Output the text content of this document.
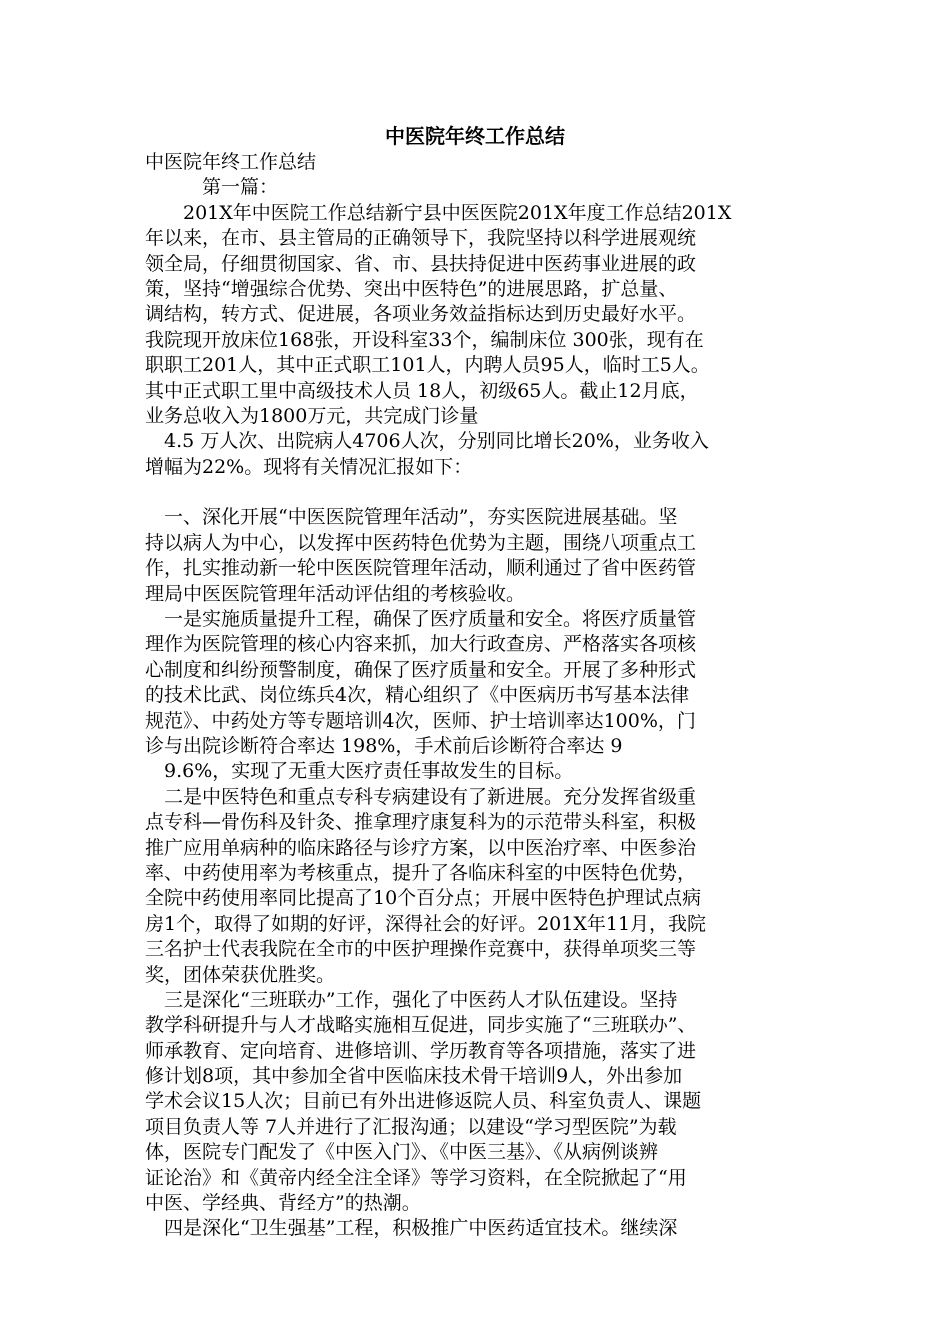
中医院年终工作总结
中医院年终工作总结
　　　第一篇：
　　201X年中医院工作总结新宁县中医医院201X年度工作总结201X
年以来，在市、县主管局的正确领导下，我院坚持以科学进展观统
领全局，仔细贯彻国家、省、市、县扶持促进中医药事业进展的政
策，坚持“增强综合优势、突出中医特色”的进展思路，扩总量、
调结构，转方式、促进展，各项业务效益指标达到历史最好水平。
我院现开放床位168张，开设科室33个，编制床位 300张，现有在
职职工201人，其中正式职工101人，内聘人员95人，临时工5人。
其中正式职工里中高级技术人员 18人，初级65人。截止12月底，
业务总收入为1800万元，共完成门诊量
　4.5 万人次、出院病人4706人次，分别同比增长20%，业务收入
增幅为22%。现将有关情况汇报如下：
　一、深化开展“中医医院管理年活动”，夯实医院进展基础。坚
持以病人为中心，以发挥中医药特色优势为主题，围绕八项重点工
作，扎实推动新一轮中医医院管理年活动，顺利通过了省中医药管
理局中医医院管理年活动评估组的考核验收。
　一是实施质量提升工程，确保了医疗质量和安全。将医疗质量管
理作为医院管理的核心内容来抓，加大行政查房、严格落实各项核
心制度和纠纷预警制度，确保了医疗质量和安全。开展了多种形式
的技术比武、岗位练兵4次，精心组织了《中医病历书写基本法律
规范》、中药处方等专题培训4次，医师、护士培训率达100%，门
诊与出院诊断符合率达 198%，手术前后诊断符合率达 9
　9.6%，实现了无重大医疗责任事故发生的目标。
　二是中医特色和重点专科专病建设有了新进展。充分发挥省级重
点专科—骨伤科及针灸、推拿理疗康复科为的示范带头科室，积极
推广应用单病种的临床路径与诊疗方案，以中医治疗率、中医参治
率、中药使用率为考核重点，提升了各临床科室的中医特色优势，
全院中药使用率同比提高了10个百分点；开展中医特色护理试点病
房1个，取得了如期的好评，深得社会的好评。201X年11月，我院
三名护士代表我院在全市的中医护理操作竞赛中，获得单项奖三等
奖，团体荣获优胜奖。
　三是深化“三班联办”工作，强化了中医药人才队伍建设。坚持
教学科研提升与人才战略实施相互促进，同步实施了“三班联办”、
师承教育、定向培育、进修培训、学历教育等各项措施，落实了进
修计划8项，其中参加全省中医临床技术骨干培训9人，外出参加
学术会议15人次；目前已有外出进修返院人员、科室负责人、课题
项目负责人等 7人并进行了汇报沟通；以建设“学习型医院”为载
体，医院专门配发了《中医入门》、《中医三基》、《从病例谈辨
证论治》和《黄帝内经全注全译》等学习资料，在全院掀起了“用
中医、学经典、背经方”的热潮。
　四是深化“卫生强基”工程，积极推广中医药适宜技术。继续深
